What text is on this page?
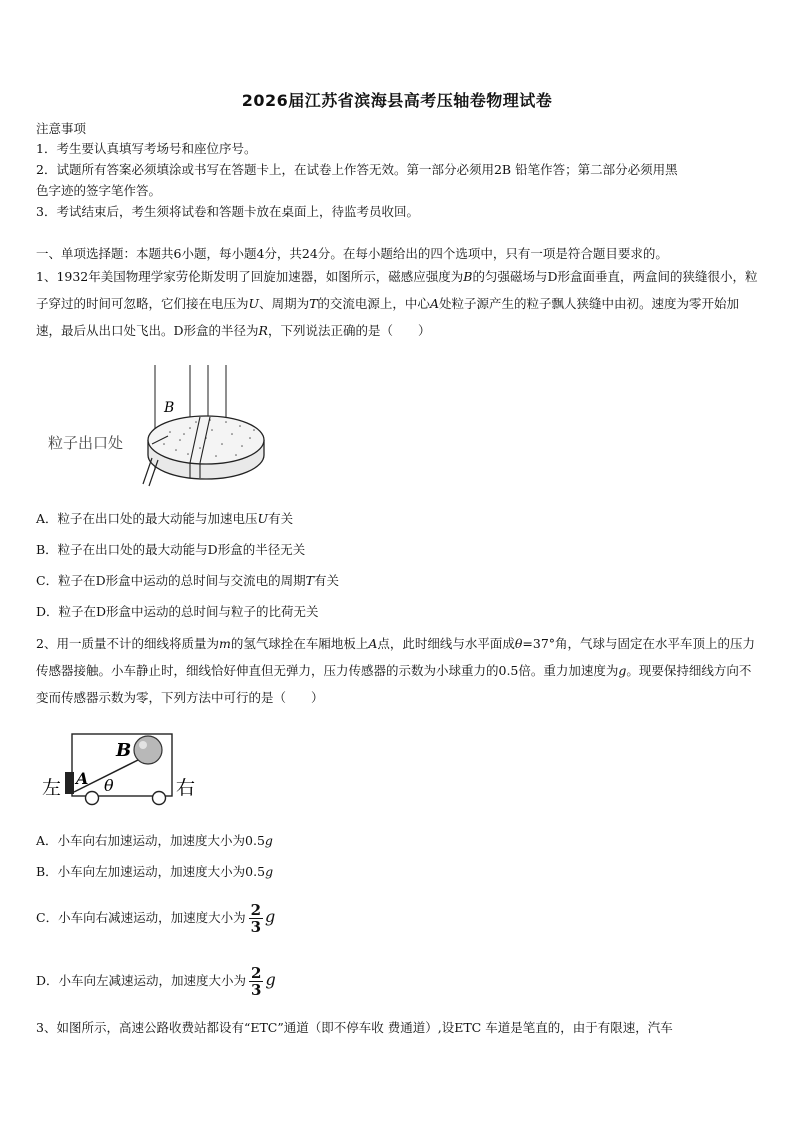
2026届江苏省滨海县高考压轴卷物理试卷
注意事项
1．考生要认真填写考场号和座位序号。
2．试题所有答案必须填涂或书写在答题卡上，在试卷上作答无效。第一部分必须用2B 铅笔作答；第二部分必须用黑
色字迹的签字笔作答。
3．考试结束后，考生须将试卷和答题卡放在桌面上，待监考员收回。
一、单项选择题：本题共6小题，每小题4分，共24分。在每小题给出的四个选项中，只有一项是符合题目要求的。
1、1932年美国物理学家劳伦斯发明了回旋加速器，如图所示，磁感应强度为B的匀强磁场与D形盒面垂直，两盒间的狭缝很小，粒子穿过的时间可忽略，它们接在电压为U、周期为T的交流电源上，中心A处粒子源产生的粒子飘人狭缝中由初。速度为零开始加速，最后从出口处飞出。D形盒的半径为R，下列说法正确的是（　　）
B
粒子出口处
A．粒子在出口处的最大动能与加速电压U有关
B．粒子在出口处的最大动能与D形盒的半径无关
C．粒子在D形盒中运动的总时间与交流电的周期T有关
D．粒子在D形盒中运动的总时间与粒子的比荷无关
2、用一质量不计的细线将质量为m的氢气球拴在车厢地板上A点，此时细线与水平面成θ=37°角，气球与固定在水平车顶上的压力传感器接触。小车静止时，细线恰好伸直但无弹力，压力传感器的示数为小球重力的0.5倍。重力加速度为g。现要保持细线方向不变而传感器示数为零，下列方法中可行的是（　　）
左	右
A
B
θ
A．小车向右加速运动，加速度大小为0.5g
B．小车向左加速运动，加速度大小为0.5g
C．小车向右减速运动，加速度大小为 $\frac{2}{3}$ g
D．小车向左减速运动，加速度大小为 $\frac{2}{3}$ g
3、如图所示，高速公路收费站都设有“ETC”通道（即不停车收 费通道）,设ETC 车道是笔直的，由于有限速，汽车
